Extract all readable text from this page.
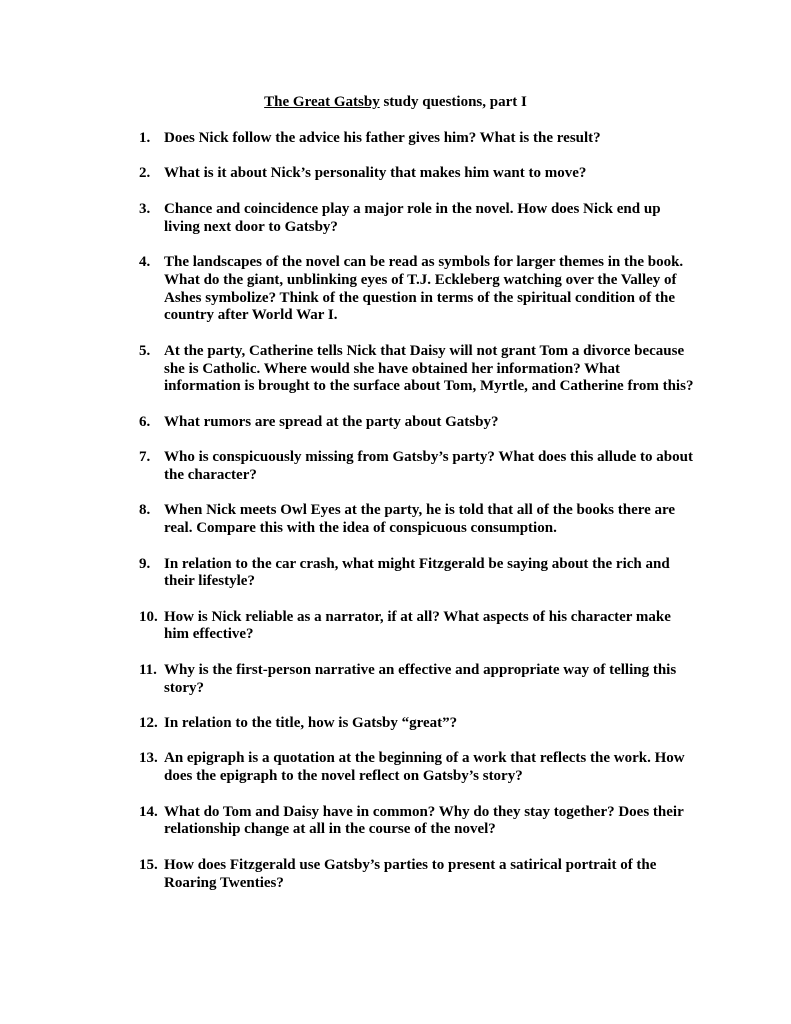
The Great Gatsby study questions, part I
1. Does Nick follow the advice his father gives him? What is the result?
2. What is it about Nick’s personality that makes him want to move?
3. Chance and coincidence play a major role in the novel. How does Nick end up living next door to Gatsby?
4. The landscapes of the novel can be read as symbols for larger themes in the book. What do the giant, unblinking eyes of T.J. Eckleberg watching over the Valley of Ashes symbolize? Think of the question in terms of the spiritual condition of the country after World War I.
5. At the party, Catherine tells Nick that Daisy will not grant Tom a divorce because she is Catholic. Where would she have obtained her information? What information is brought to the surface about Tom, Myrtle, and Catherine from this?
6. What rumors are spread at the party about Gatsby?
7. Who is conspicuously missing from Gatsby’s party? What does this allude to about the character?
8. When Nick meets Owl Eyes at the party, he is told that all of the books there are real. Compare this with the idea of conspicuous consumption.
9. In relation to the car crash, what might Fitzgerald be saying about the rich and their lifestyle?
10. How is Nick reliable as a narrator, if at all? What aspects of his character make him effective?
11. Why is the first-person narrative an effective and appropriate way of telling this story?
12. In relation to the title, how is Gatsby “great”?
13. An epigraph is a quotation at the beginning of a work that reflects the work. How does the epigraph to the novel reflect on Gatsby’s story?
14. What do Tom and Daisy have in common? Why do they stay together? Does their relationship change at all in the course of the novel?
15. How does Fitzgerald use Gatsby’s parties to present a satirical portrait of the Roaring Twenties?
